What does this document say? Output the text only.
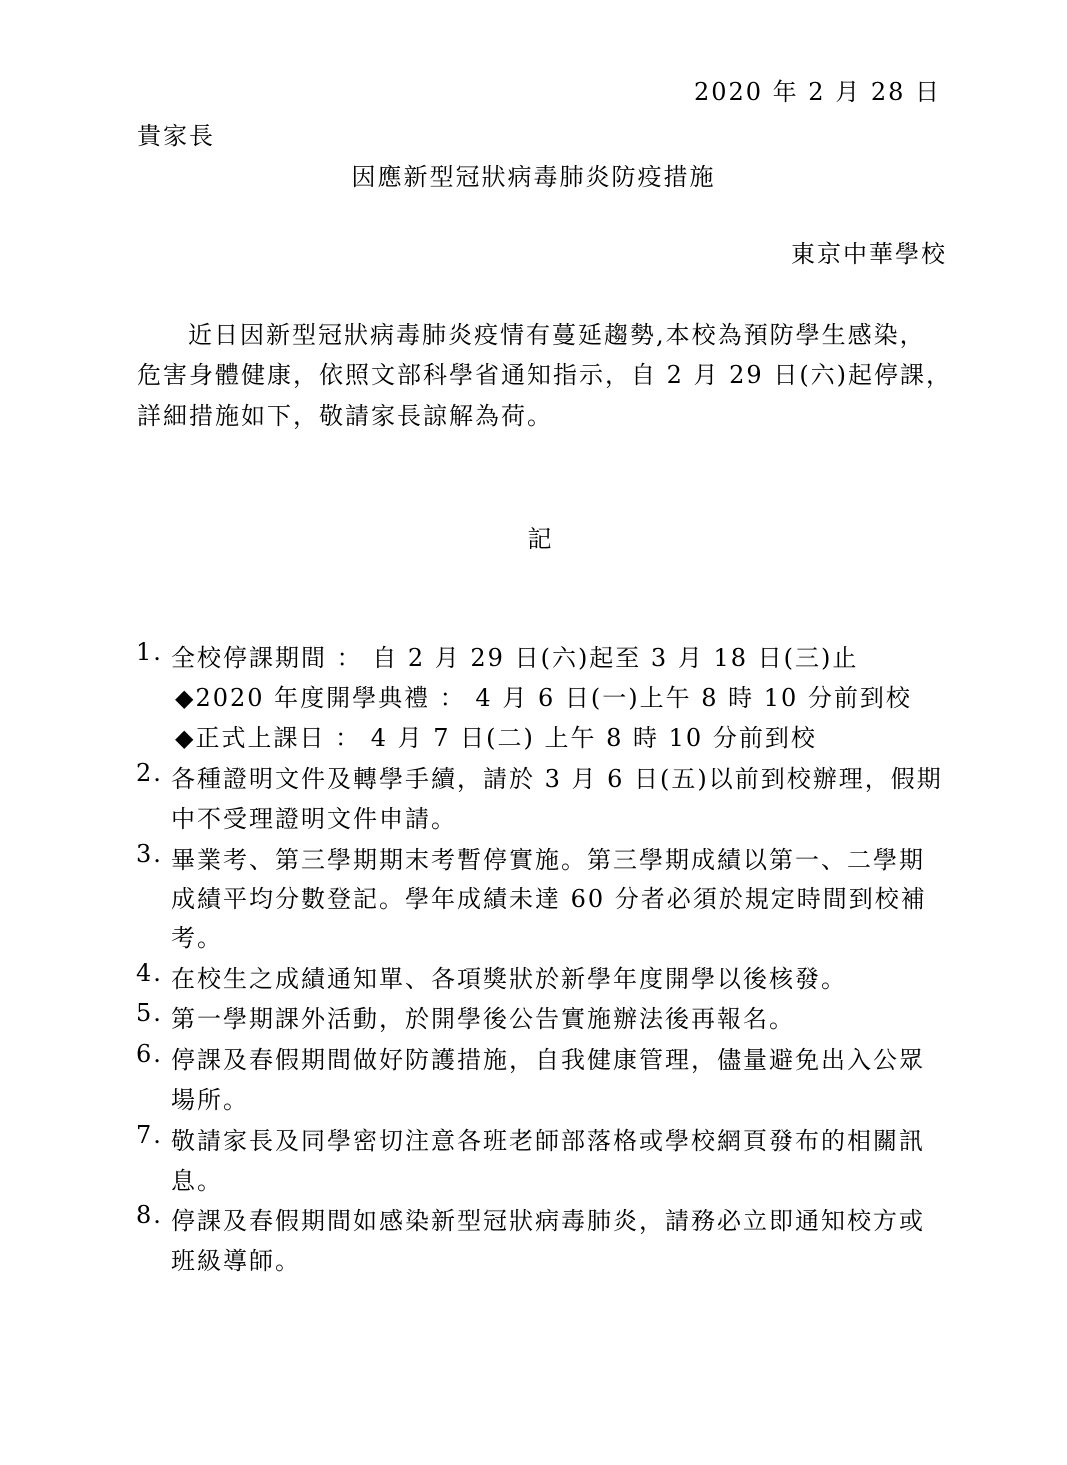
2020 年 2 月 28 日
貴家長
因應新型冠狀病毒肺炎防疫措施
東京中華學校
近日因新型冠狀病毒肺炎疫情有蔓延趨勢,本校為預防學生感染，
危害身體健康，依照文部科學省通知指示，自 2 月 29 日(六)起停課，
詳細措施如下，敬請家長諒解為荷。
記
1. 全校停課期間 ： 自 2 月 29 日(六)起至 3 月 18 日(三)止
◆2020 年度開學典禮 ： 4 月 6 日(一)上午 8 時 10 分前到校
◆正式上課日 ： 4 月 7 日(二) 上午 8 時 10 分前到校
2. 各種證明文件及轉學手續，請於 3 月 6 日(五)以前到校辦理，假期
中不受理證明文件申請。
3. 畢業考、第三學期期末考暫停實施。第三學期成績以第一、二學期
成績平均分數登記。學年成績未達 60 分者必須於規定時間到校補
考。
4. 在校生之成績通知單、各項獎狀於新學年度開學以後核發。
5. 第一學期課外活動，於開學後公告實施辦法後再報名。
6. 停課及春假期間做好防護措施，自我健康管理，儘量避免出入公眾
場所。
7. 敬請家長及同學密切注意各班老師部落格或學校網頁發布的相關訊
息。
8. 停課及春假期間如感染新型冠狀病毒肺炎，請務必立即通知校方或
班級導師。
